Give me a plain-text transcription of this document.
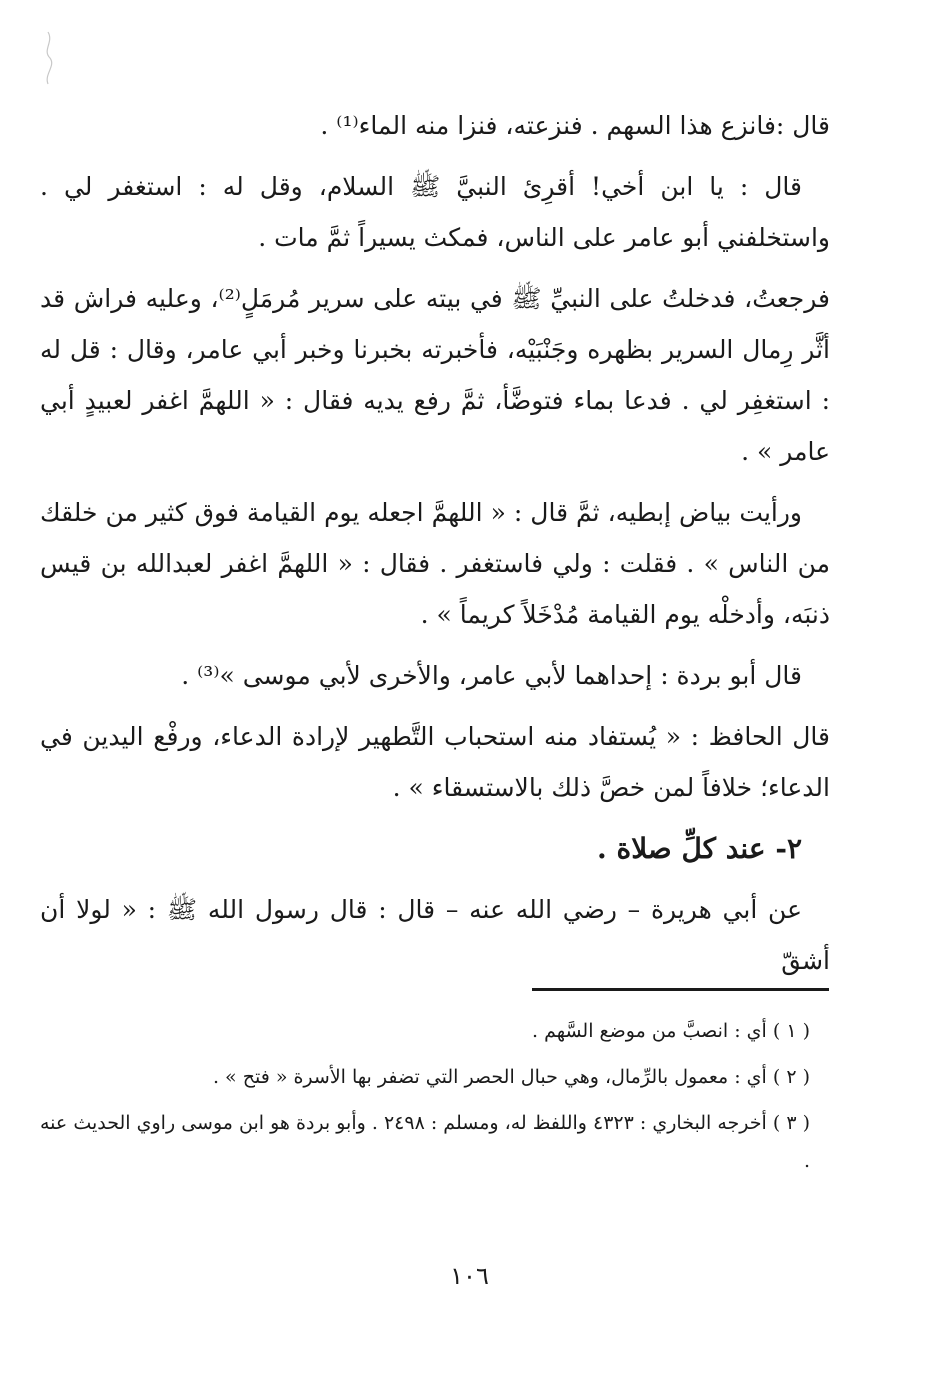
قال :فانزع هذا السهم . فنزعته، فنزا منه الماء⁽¹⁾ .

قال : يا ابن أخي! أقرِئ النبيَّ ﷺ السلام، وقل له : استغفر لي . واستخلفني أبو عامر على الناس، فمكث يسيراً ثمَّ مات .

فرجعتُ، فدخلتُ على النبيِّ ﷺ في بيته على سرير مُرمَلٍ⁽²⁾، وعليه فراش قد أثَّر رِمال السرير بظهره وجَنْبَيْه، فأخبرته بخبرنا وخبر أبي عامر، وقال : قل له : استغفِر لي . فدعا بماء فتوضَّأ، ثمَّ رفع يديه فقال : « اللهمَّ اغفر لعبيدٍ أبي عامر » .

ورأيت بياض إبطيه، ثمَّ قال : « اللهمَّ اجعله يوم القيامة فوق كثير من خلقك من الناس » . فقلت : ولي فاستغفر . فقال : « اللهمَّ اغفر لعبدالله بن قيس ذنبَه، وأدخلْه يوم القيامة مُدْخَلاً كريماً » .

قال أبو بردة : إحداهما لأبي عامر، والأخرى لأبي موسى »⁽³⁾ .

قال الحافظ : « يُستفاد منه استحباب التَّطهير لإرادة الدعاء، ورفْع اليدين في الدعاء؛ خلافاً لمن خصَّ ذلك بالاستسقاء » .

٢- عند كلِّ صلاة .

عن أبي هريرة – رضي الله عنه – قال : قال رسول الله ﷺ : « لولا أن أشقّ

( ١ ) أي : انصبَّ من موضع السَّهم .

( ٢ ) أي : معمول بالرِّمال، وهي حبال الحصر التي تضفر بها الأسرة « فتح » .

( ٣ ) أخرجه البخاري : ٤٣٢٣ واللفظ له، ومسلم : ٢٤٩٨ . وأبو بردة هو ابن موسى راوي الحديث عنه .

١٠٦
